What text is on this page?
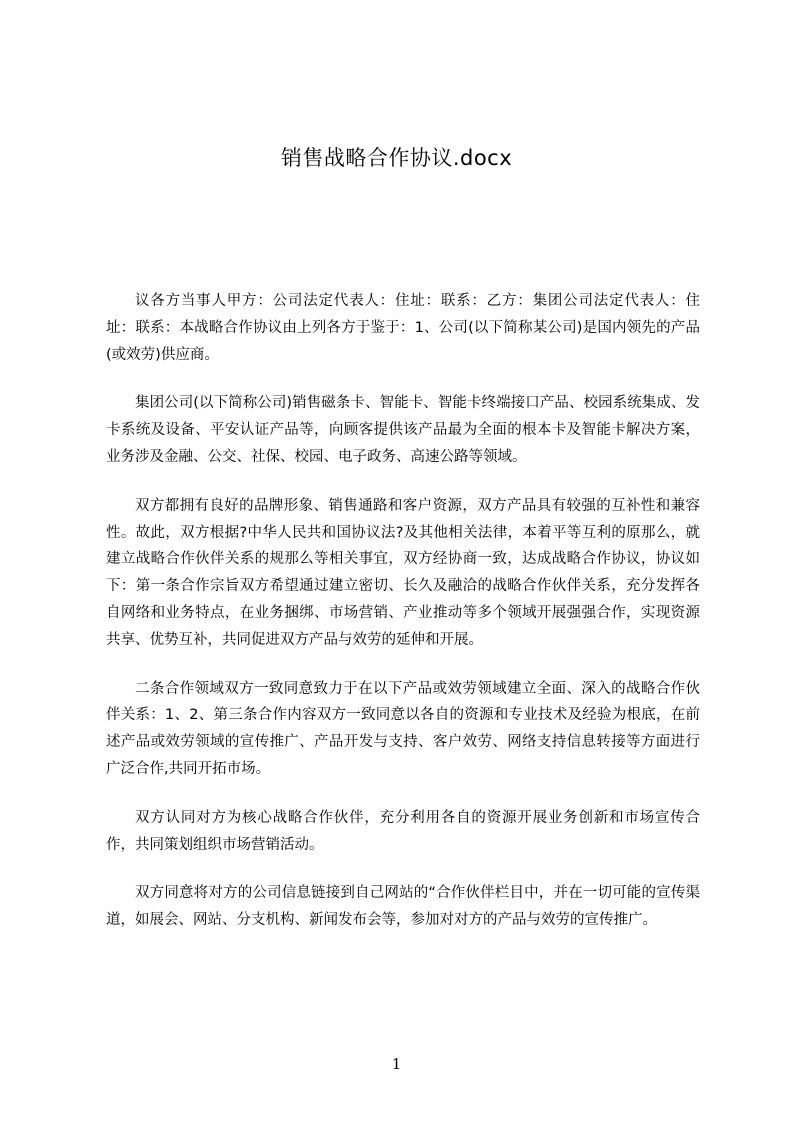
销售战略合作协议.docx

议各方当事人甲方：公司法定代表人：住址：联系：乙方：集团公司法定代表人：住址：联系：本战略合作协议由上列各方于鉴于：1、公司(以下简称某公司)是国内领先的产品(或效劳)供应商。

集团公司(以下简称公司)销售磁条卡、智能卡、智能卡终端接口产品、校园系统集成、发卡系统及设备、平安认证产品等，向顾客提供该产品最为全面的根本卡及智能卡解决方案，业务涉及金融、公交、社保、校园、电子政务、高速公路等领域。

双方都拥有良好的品牌形象、销售通路和客户资源，双方产品具有较强的互补性和兼容性。故此，双方根据?中华人民共和国协议法?及其他相关法律，本着平等互利的原那么，就建立战略合作伙伴关系的规那么等相关事宜，双方经协商一致，达成战略合作协议，协议如下：第一条合作宗旨双方希望通过建立密切、长久及融洽的战略合作伙伴关系，充分发挥各自网络和业务特点，在业务捆绑、市场营销、产业推动等多个领域开展强强合作，实现资源共享、优势互补，共同促进双方产品与效劳的延伸和开展。

二条合作领域双方一致同意致力于在以下产品或效劳领域建立全面、深入的战略合作伙伴关系：1、2、第三条合作内容双方一致同意以各自的资源和专业技术及经验为根底，在前述产品或效劳领域的宣传推广、产品开发与支持、客户效劳、网络支持信息转接等方面进行广泛合作,共同开拓市场。

双方认同对方为核心战略合作伙伴，充分利用各自的资源开展业务创新和市场宣传合作，共同策划组织市场营销活动。

双方同意将对方的公司信息链接到自己网站的“合作伙伴栏目中，并在一切可能的宣传渠道，如展会、网站、分支机构、新闻发布会等，参加对对方的产品与效劳的宣传推广。

1
